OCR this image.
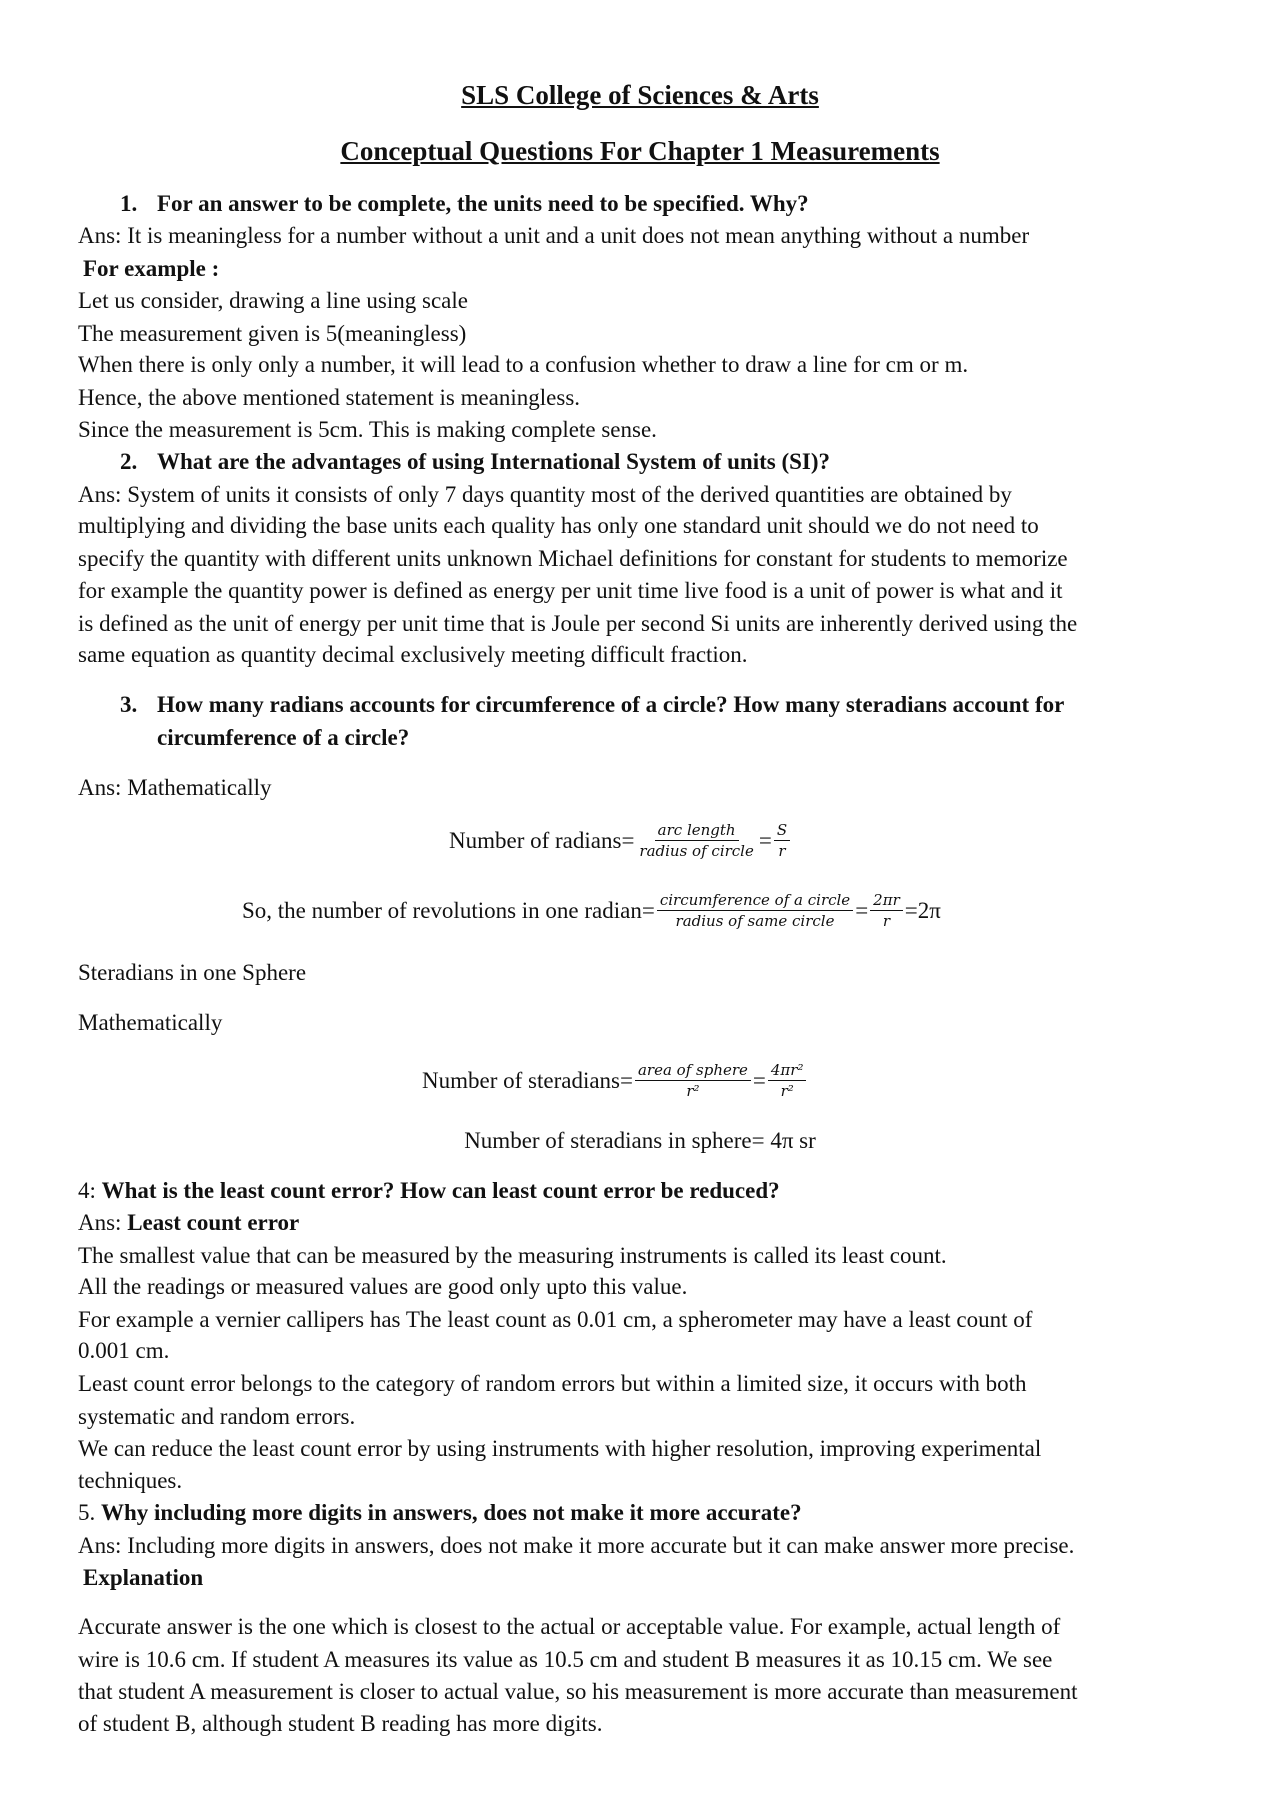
SLS College of Sciences & Arts
Conceptual Questions For Chapter 1 Measurements
1. For an answer to be complete, the units need to be specified. Why?
Ans: It is meaningless for a number without a unit and a unit does not mean anything without a number
For example :
Let us consider, drawing a line using scale
The measurement given is 5(meaningless)
When there is only only a number, it will lead to a confusion whether to draw a line for cm or m.
Hence, the above mentioned statement is meaningless.
Since the measurement is 5cm. This is making complete sense.
2. What are the advantages of using International System of units (SI)?
Ans: System of units it consists of only 7 days quantity most of the derived quantities are obtained by
multiplying and dividing the base units each quality has only one standard unit should we do not need to
specify the quantity with different units unknown Michael definitions for constant for students to memorize
for example the quantity power is defined as energy per unit time live food is a unit of power is what and it
is defined as the unit of energy per unit time that is Joule per second Si units are inherently derived using the
same equation as quantity decimal exclusively meeting difficult fraction.
3. How many radians accounts for circumference of a circle? How many steradians account for
circumference of a circle?
Ans: Mathematically
Number of radians= arc length
radius of circle = $\frac{S}{r}$
So, the number of revolutions in one radian= circumference of a circle
radius of same circle = $\frac{2\pi r}{r} =2\pi$
Steradians in one Sphere
Mathematically
Number of steradians= area of sphere
$r^2 = \frac{\text{4πr²}}{\text{r²}}$
Number of steradians in sphere= 4π sr
4: What is the least count error? How can least count error be reduced?
Ans: Least count error
The smallest value that can be measured by the measuring instruments is called its least count.
All the readings or measured values are good only upto this value.
For example a vernier callipers has The least count as 0.01 cm, a spherometer may have a least count of
0.001 cm.
Least count error belongs to the category of random errors but within a limited size, it occurs with both
systematic and random errors.
We can reduce the least count error by using instruments with higher resolution, improving experimental
techniques.
5. Why including more digits in answers, does not make it more accurate?
Ans: Including more digits in answers, does not make it more accurate but it can make answer more precise.
Explanation
Accurate answer is the one which is closest to the actual or acceptable value. For example, actual length of
wire is 10.6 cm. If student A measures its value as 10.5 cm and student B measures it as 10.15 cm. We see
that student A measurement is closer to actual value, so his measurement is more accurate than measurement
of student B, although student B reading has more digits.
